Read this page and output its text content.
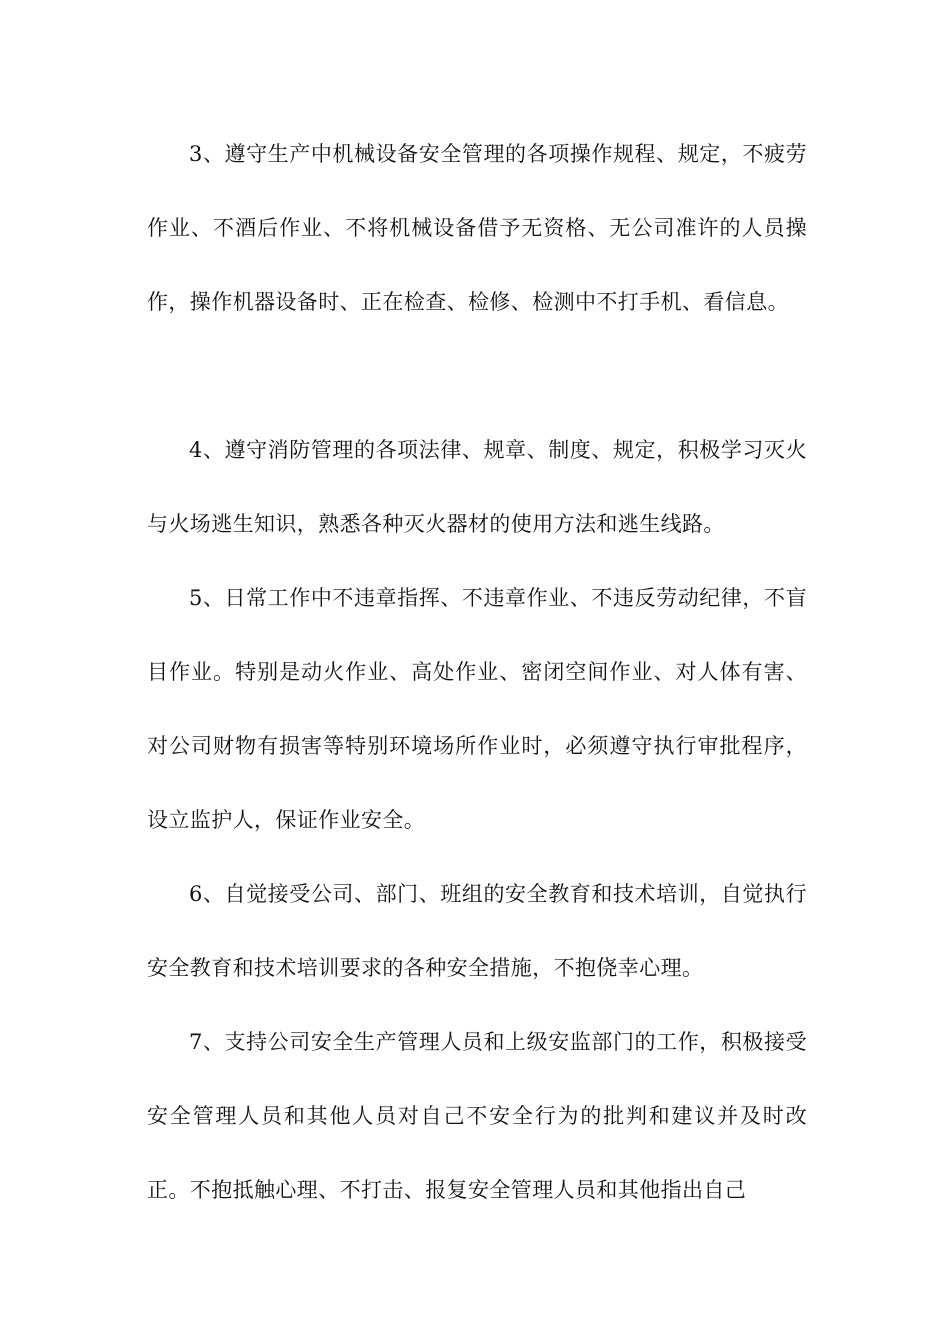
3、遵守生产中机械设备安全管理的各项操作规程、规定，不疲劳作业、不酒后作业、不将机械设备借予无资格、无公司准许的人员操作，操作机器设备时、正在检查、检修、检测中不打手机、看信息。

4、遵守消防管理的各项法律、规章、制度、规定，积极学习灭火与火场逃生知识，熟悉各种灭火器材的使用方法和逃生线路。

5、日常工作中不违章指挥、不违章作业、不违反劳动纪律，不盲目作业。特别是动火作业、高处作业、密闭空间作业、对人体有害、对公司财物有损害等特别环境场所作业时，必须遵守执行审批程序，设立监护人，保证作业安全。

6、自觉接受公司、部门、班组的安全教育和技术培训，自觉执行安全教育和技术培训要求的各种安全措施，不抱侥幸心理。

7、支持公司安全生产管理人员和上级安监部门的工作，积极接受安全管理人员和其他人员对自己不安全行为的批判和建议并及时改正。不抱抵触心理、不打击、报复安全管理人员和其他指出自己
